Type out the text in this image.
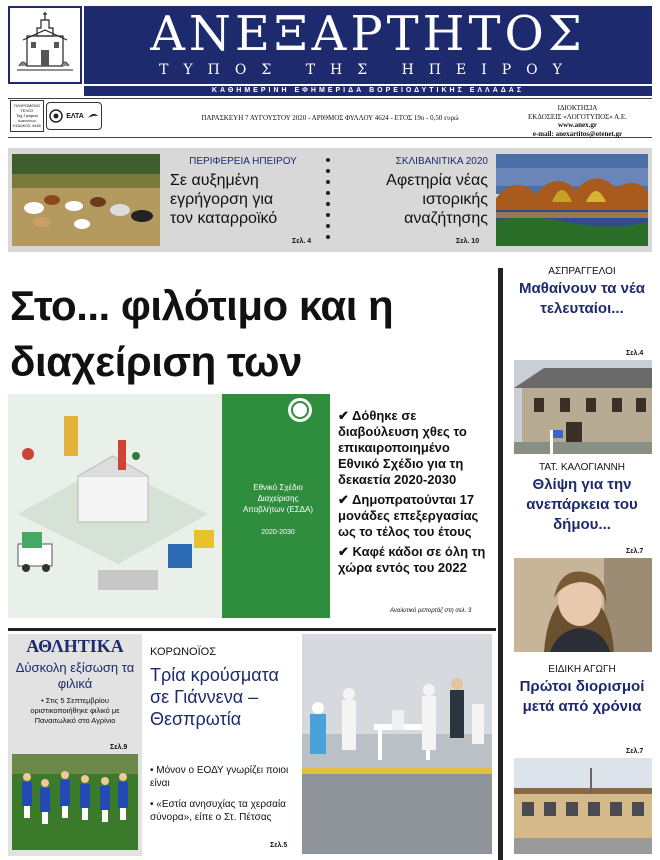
ΑΝΕΞΑΡΤΗΤΟΣ
ΤΥΠΟΣ ΤΗΣ ΗΠΕΙΡΟΥ
ΚΑΘΗΜΕΡΙΝΗ ΕΦΗΜΕΡΙΔΑ ΒΟΡΕΙΟΔΥΤΙΚΗΣ ΕΛΛΑΔΑΣ
ΠΛΗΡΩΜΕΝΟ ΤΕΛΟΣ Ταχ.Γραφείο Ιωαννίνων ΚΩΔΙΚΟΣ 4446
ΕΛΤΑ	ΠΑΡΑΣΚΕΥΗ 7 ΑΥΓΟΥΣΤΟΥ 2020 - ΑΡΙΘΜΟΣ ΦΥΛΛΟΥ 4624 - ΕΤΟΣ 19ο - 0,50 ευρώ
ΙΔΙΟΚΤΗΣΙΑ
ΕΚΔΟΣΕΙΣ «ΛΟΓΟΤΥΠΟΣ» Α.Ε.
www.anex.gr
e-mail: anexartitos@otenet.gr
ΠΕΡΙΦΕΡΕΙΑ ΗΠΕΙΡΟΥ
Σε αυξημένη εγρήγορση για τον καταρροϊκό
Σελ. 4
ΣΚΛΙΒΑΝΙΤΙΚΑ 2020
Αφετηρία νέας ιστορικής αναζήτησης
Σελ. 10
Στο... φιλότιμο και η διαχείριση των
Εθνικό Σχέδιο
Διαχείρισης
Αποβλήτων (ΕΣΔΑ)
2020-2030
✔ Δόθηκε σε διαβούλευση χθες το επικαιροποιημένο Εθνικό Σχέδιο για τη δεκαετία 2020-2030
✔ Δημοπρατούνται 17 μονάδες επεξεργασίας ως το τέλος του έτους
✔ Καφέ κάδοι σε όλη τη χώρα εντός του 2022
Αναλυτικό ρεπορτάζ στη σελ. 3
ΑΘΛΗΤΙΚΑ
Δύσκολη εξίσωση τα φιλικά
• Στις 5 Σεπτεμβρίου οριστικοποιήθηκε φιλικό με Παναιτωλικό στο Αγρίνιο
Σελ.9
ΚΟΡΩΝΟΪΟΣ
Τρία κρούσματα σε Γιάννενα – Θεσπρωτία
• Μόνον ο ΕΟΔΥ γνωρίζει ποιοι είναι
• «Εστία ανησυχίας τα χερσαία σύνορα», είπε ο Στ. Πέτσας
Σελ.5
ΑΣΠΡΑΓΓΕΛΟΙ
Μαθαίνουν τα νέα τελευταίοι...
Σελ.4
ΤΑΤ. ΚΑΛΟΓΙΑΝΝΗ
Θλίψη για την ανεπάρκεια του δήμου...
Σελ.7
ΕΙΔΙΚΗ ΑΓΩΓΗ
Πρώτοι διορισμοί μετά από χρόνια
Σελ.7
